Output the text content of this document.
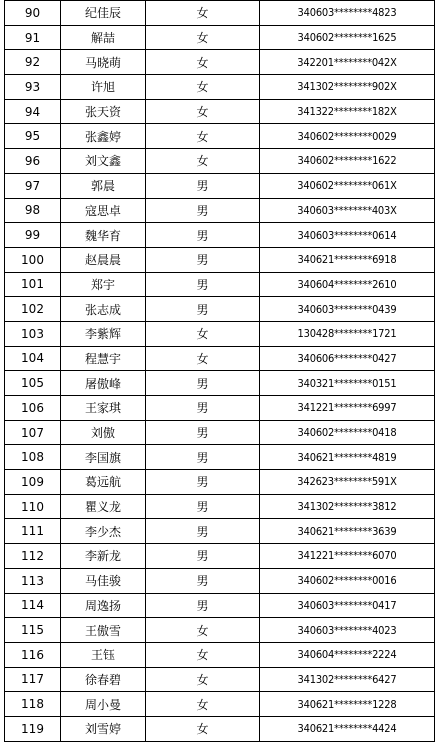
90	纪佳辰	女	340603********4823
91	解喆	女	340602********1625
92	马晓萌	女	342201********042X
93	许旭	女	341302********902X
94	张天资	女	341322********182X
95	张鑫婷	女	340602********0029
96	刘文鑫	女	340602********1622
97	郭晨	男	340602********061X
98	寇思卓	男	340603********403X
99	魏华育	男	340603********0614
100	赵晨晨	男	340621********6918
101	郑宇	男	340604********2610
102	张志成	男	340603********0439
103	李紫辉	女	130428********1721
104	程慧宇	女	340606********0427
105	屠傲峰	男	340321********0151
106	王家琪	男	341221********6997
107	刘傲	男	340602********0418
108	李国旗	男	340621********4819
109	葛远航	男	342623********591X
110	瞿义龙	男	341302********3812
111	李少杰	男	340621********3639
112	李新龙	男	341221********6070
113	马佳骏	男	340602********0016
114	周逸扬	男	340603********0417
115	王傲雪	女	340603********4023
116	王钰	女	340604********2224
117	徐春碧	女	341302********6427
118	周小曼	女	340621********1228
119	刘雪婷	女	340621********4424
